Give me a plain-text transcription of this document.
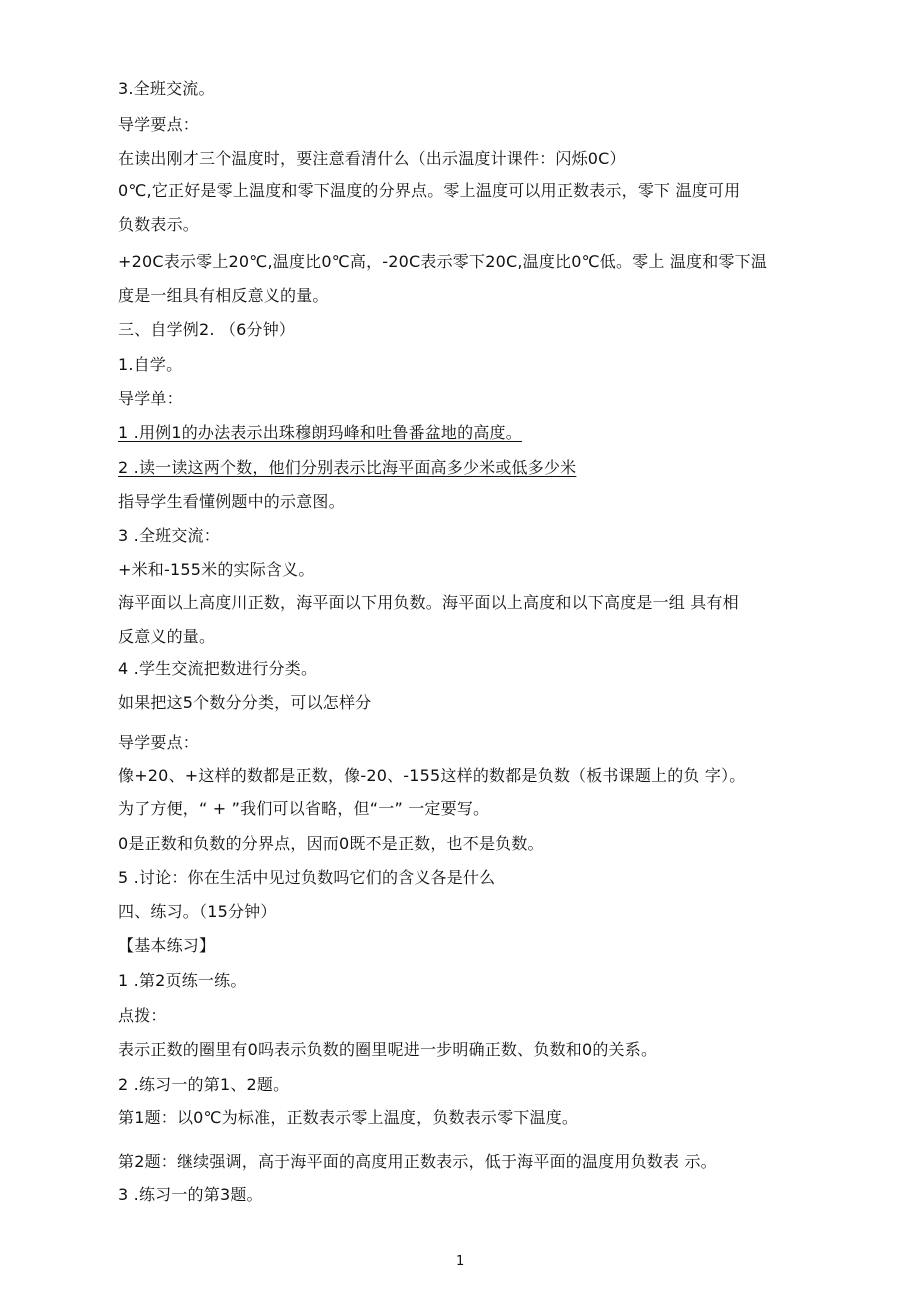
3.全班交流。
导学要点：
在读出刚才三个温度时，要注意看清什么（出示温度计课件：闪烁0C）
0℃,它正好是零上温度和零下温度的分界点。零上温度可以用正数表示，零下 温度可用
负数表示。
+20C表示零上20℃,温度比0℃高，-20C表示零下20C,温度比0℃低。零上 温度和零下温
度是一组具有相反意义的量。
三、自学例2. （6分钟）
1.自学。
导学单：
1 .用例1的办法表示出珠穆朗玛峰和吐鲁番盆地的高度。
2 .读一读这两个数，他们分别表示比海平面高多少米或低多少米
指导学生看懂例题中的示意图。
3 .全班交流：
+米和-155米的实际含义。
海平面以上高度川正数，海平面以下用负数。海平面以上高度和以下高度是一组 具有相
反意义的量。
4 .学生交流把数进行分类。
如果把这5个数分分类，可以怎样分
导学要点：
像+20、+这样的数都是正数，像-20、-155这样的数都是负数（板书课题上的负 字）。
为了方便，“ + ”我们可以省略，但“一” 一定要写。
0是正数和负数的分界点，因而0既不是正数，也不是负数。
5 .讨论：你在生活中见过负数吗它们的含义各是什么
四、练习。（15分钟）
【基本练习】
1 .第2页练一练。
点拨：
表示正数的圈里有0吗表示负数的圈里呢进一步明确正数、负数和0的关系。
2 .练习一的第1、2题。
第1题：以0℃为标准，正数表示零上温度，负数表示零下温度。
第2题：继续强调，高于海平面的高度用正数表示，低于海平面的温度用负数表 示。
3 .练习一的第3题。
1
